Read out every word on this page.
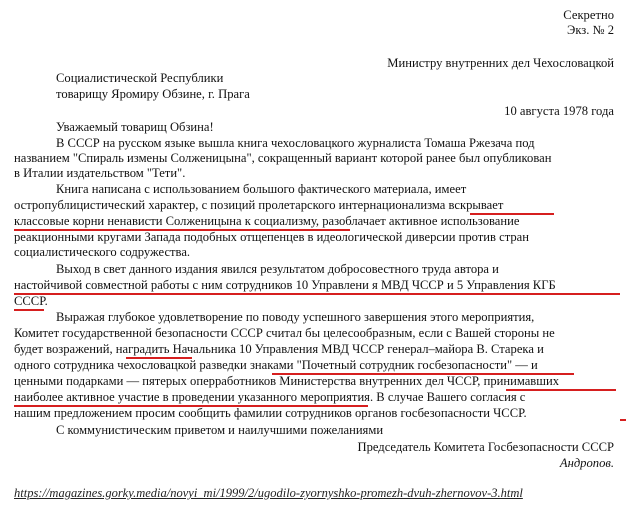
Секретно
Экз. № 2
Министру внутренних дел Чехословацкой
Социалистической Республики
товарищу Яромиру Обзине, г. Прага
10 августа 1978 года
Уважаемый товарищ Обзина!
В СССР на русском языке вышла книга чехословацкого журналиста Томаша Ржезача под
названием "Спираль измены Солженицына", сокращенный вариант которой ранее был опубликован
в Италии издательством "Тети".
Книга написана с использованием большого фактического материала, имеет
остропублицистический характер, с позиций пролетарского интернационализма вскрывает
классовые корни ненависти Солженицына к социализму, разоблачает активное использование
реакционными кругами Запада подобных отщепенцев в идеологической диверсии против стран
социалистического содружества.
Выход в свет данного издания явился результатом добросовестного труда автора и
настойчивой совместной работы с ним сотрудников 10 Управлени я МВД ЧССР и 5 Управления КГБ
СССР.
Выражая глубокое удовлетворение по поводу успешного завершения этого мероприятия,
Комитет государственной безопасности СССР считал бы целесообразным, если с Вашей стороны не
будет возражений, наградить Начальника 10 Управления МВД ЧССР генерал–майора В. Старека и
одного сотрудника чехословацкой разведки знаками "Почетный сотрудник госбезопасности" — и
ценными подарками — пятерых оперработников Министерства внутренних дел ЧССР, принимавших
наиболее активное участие в проведении указанного мероприятия. В случае Вашего согласия с
нашим предложением просим сообщить фамилии сотрудников органов госбезопасности ЧССР.
С коммунистическим приветом и наилучшими пожеланиями
Председатель Комитета Госбезопасности СССР
Андропов.
https://magazines.gorky.media/novyi_mi/1999/2/ugodilo-zyornyshko-promezh-dvuh-zhernovov-3.html
